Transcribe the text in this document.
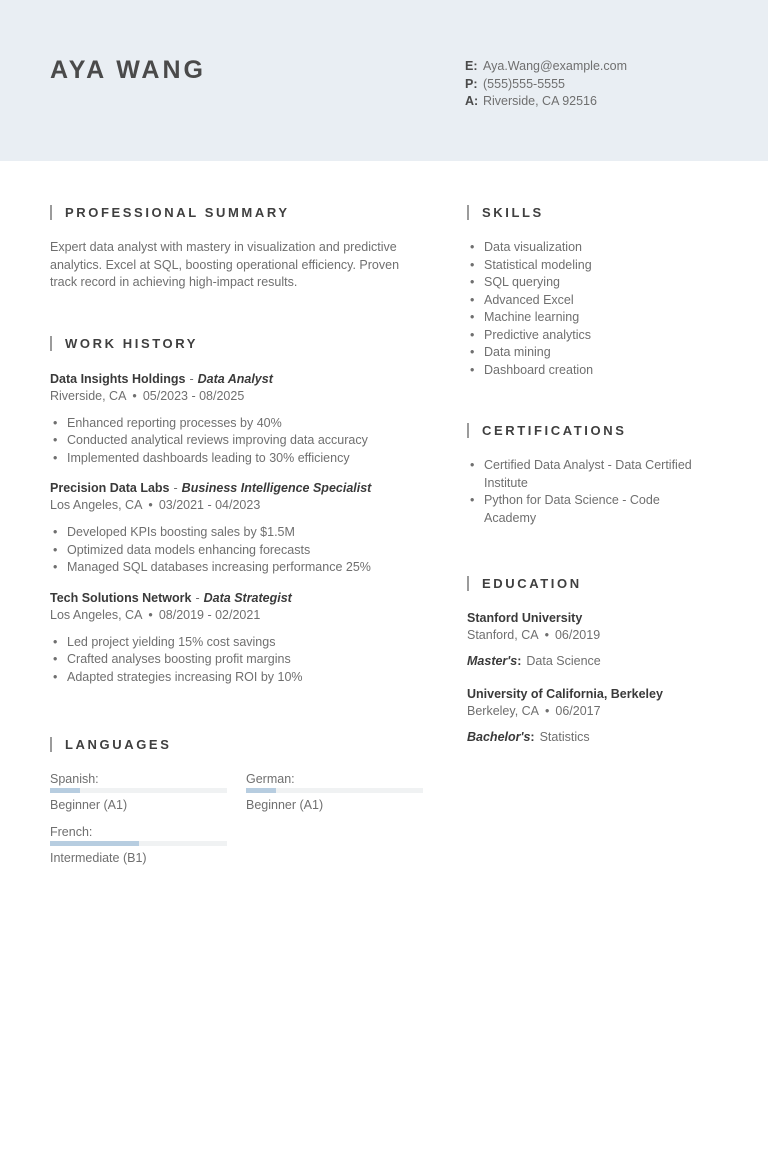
AYA WANG	E: Aya.Wang@example.com
P: (555)555-5555
A: Riverside, CA 92516
PROFESSIONAL SUMMARY

Expert data analyst with mastery in visualization and predictive analytics. Excel at SQL, boosting operational efficiency. Proven track record in achieving high-impact results.

WORK HISTORY
Data Insights Holdings - Data Analyst
Riverside, CA • 05/2023 - 08/2025
• Enhanced reporting processes by 40%
• Conducted analytical reviews improving data accuracy
• Implemented dashboards leading to 30% efficiency
Precision Data Labs - Business Intelligence Specialist
Los Angeles, CA • 03/2021 - 04/2023
• Developed KPIs boosting sales by $1.5M
• Optimized data models enhancing forecasts
• Managed SQL databases increasing performance 25%
Tech Solutions Network - Data Strategist
Los Angeles, CA • 08/2019 - 02/2021
• Led project yielding 15% cost savings
• Crafted analyses boosting profit margins
• Adapted strategies increasing ROI by 10%
LANGUAGES
Spanish:
Beginner (A1)
German:
Beginner (A1)
French:
Intermediate (B1)
SKILLS
• Data visualization
• Statistical modeling
• SQL querying
• Advanced Excel
• Machine learning
• Predictive analytics
• Data mining
• Dashboard creation
CERTIFICATIONS
• Certified Data Analyst - Data Certified Institute
• Python for Data Science - Code Academy
EDUCATION
Stanford University
Stanford, CA • 06/2019
Master's: Data Science
University of California, Berkeley
Berkeley, CA • 06/2017
Bachelor's: Statistics
